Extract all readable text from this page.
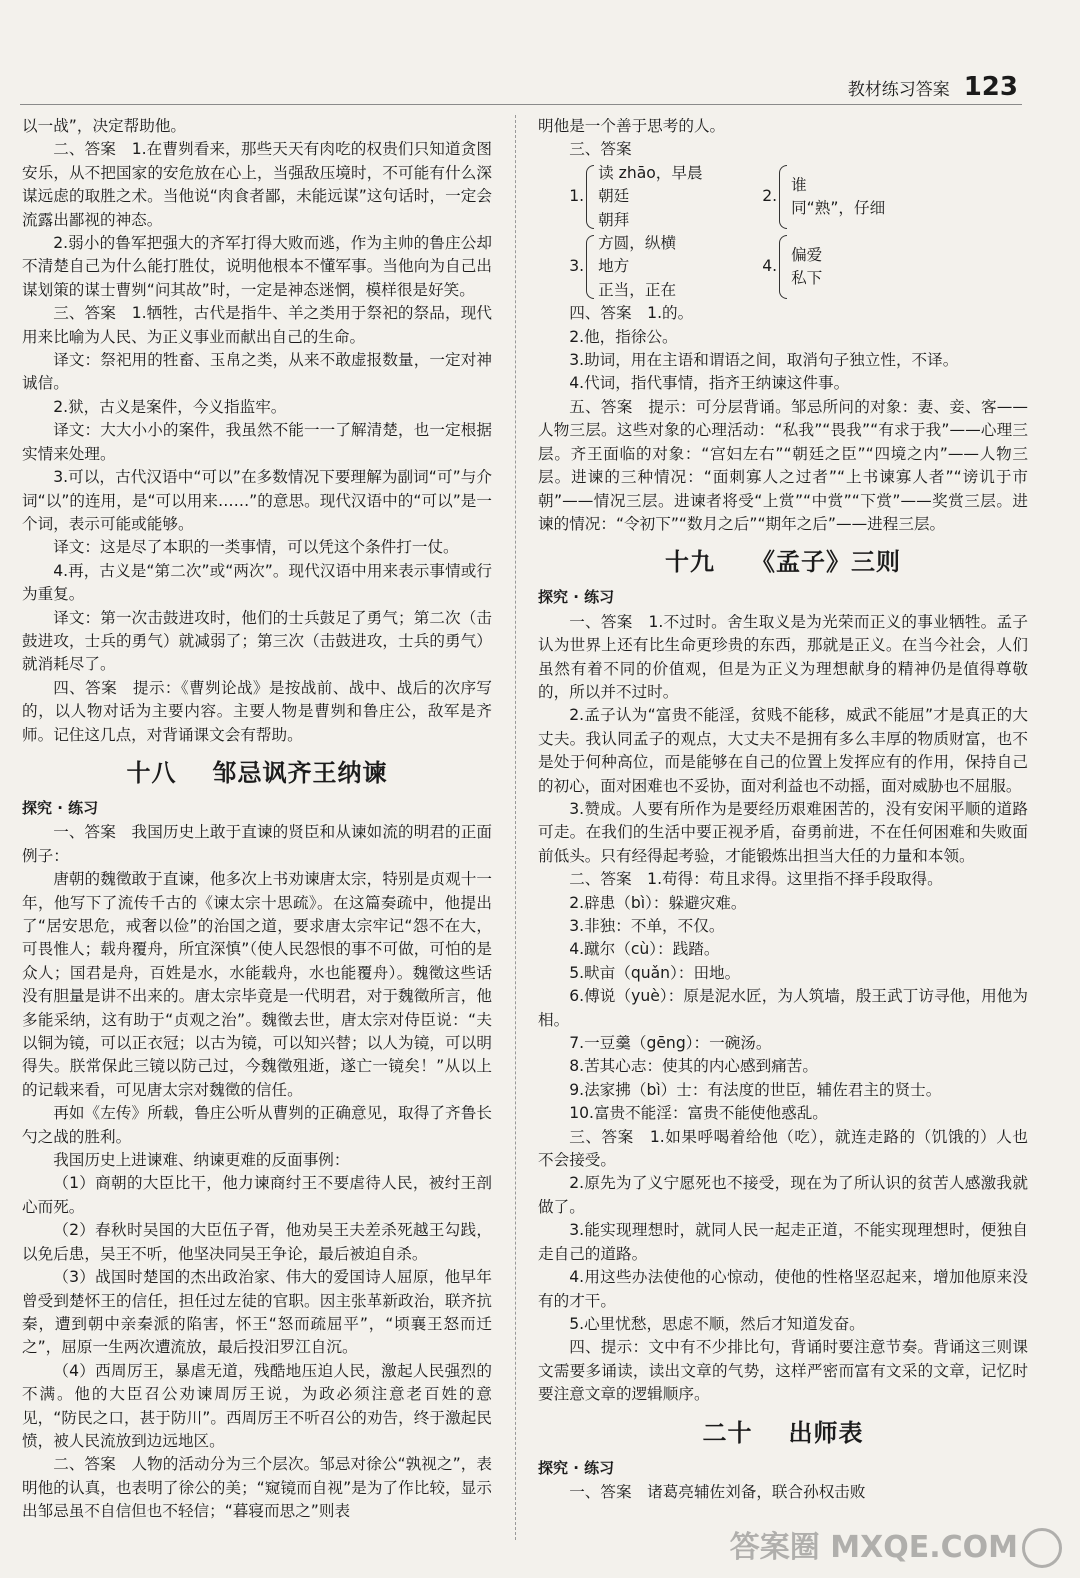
教材练习答案 123

以一战”，决定帮助他。

二、答案　1.在曹刿看来，那些天天有肉吃的权贵们只知道贪图安乐，从不把国家的安危放在心上，当强敌压境时，不可能有什么深谋远虑的取胜之术。当他说“肉食者鄙，未能远谋”这句话时，一定会流露出鄙视的神态。

2.弱小的鲁军把强大的齐军打得大败而逃，作为主帅的鲁庄公却不清楚自己为什么能打胜仗，说明他根本不懂军事。当他向为自己出谋划策的谋士曹刿“问其故”时，一定是神态迷惘，模样很是好笑。

三、答案　1.牺牲，古代是指牛、羊之类用于祭祀的祭品，现代用来比喻为人民、为正义事业而献出自己的生命。

译文：祭祀用的牲畜、玉帛之类，从来不敢虚报数量，一定对神诚信。

2.狱，古义是案件，今义指监牢。

译文：大大小小的案件，我虽然不能一一了解清楚，也一定根据实情来处理。

3.可以，古代汉语中“可以”在多数情况下要理解为副词“可”与介词“以”的连用，是“可以用来……”的意思。现代汉语中的“可以”是一个词，表示可能或能够。

译文：这是尽了本职的一类事情，可以凭这个条件打一仗。

4.再，古义是“第二次”或“两次”。现代汉语中用来表示事情或行为重复。

译文：第一次击鼓进攻时，他们的士兵鼓足了勇气；第二次（击鼓进攻，士兵的勇气）就减弱了；第三次（击鼓进攻，士兵的勇气）就消耗尽了。

四、答案　提示：《曹刿论战》是按战前、战中、战后的次序写的，以人物对话为主要内容。主要人物是曹刿和鲁庄公，敌军是齐师。记住这几点，对背诵课文会有帮助。

十八 邹忌讽齐王纳谏

探究 · 练习

一、答案　我国历史上敢于直谏的贤臣和从谏如流的明君的正面例子：

唐朝的魏徵敢于直谏，他多次上书劝谏唐太宗，特别是贞观十一年，他写下了流传千古的《谏太宗十思疏》。在这篇奏疏中，他提出了“居安思危，戒奢以俭”的治国之道，要求唐太宗牢记“怨不在大，可畏惟人；载舟覆舟，所宜深慎”（使人民怨恨的事不可做，可怕的是众人；国君是舟，百姓是水，水能载舟，水也能覆舟）。魏徵这些话没有胆量是讲不出来的。唐太宗毕竟是一代明君，对于魏徵所言，他多能采纳，这有助于“贞观之治”。魏徵去世，唐太宗对侍臣说：“夫以铜为镜，可以正衣冠；以古为镜，可以知兴替；以人为镜，可以明得失。朕常保此三镜以防己过，今魏徵殂逝，遂亡一镜矣！”从以上的记载来看，可见唐太宗对魏徵的信任。

再如《左传》所载，鲁庄公听从曹刿的正确意见，取得了齐鲁长勺之战的胜利。

我国历史上进谏难、纳谏更难的反面事例：

（1）商朝的大臣比干，他力谏商纣王不要虐待人民，被纣王剖心而死。

（2）春秋时吴国的大臣伍子胥，他劝吴王夫差杀死越王勾践，以免后患，吴王不听，他坚决同吴王争论，最后被迫自杀。

（3）战国时楚国的杰出政治家、伟大的爱国诗人屈原，他早年曾受到楚怀王的信任，担任过左徒的官职。因主张革新政治，联齐抗秦，遭到朝中亲秦派的陷害，怀王“怒而疏屈平”，“顷襄王怒而迁之”，屈原一生两次遭流放，最后投汨罗江自沉。

（4）西周厉王，暴虐无道，残酷地压迫人民，激起人民强烈的不满。他的大臣召公劝谏周厉王说，为政必须注意老百姓的意见，“防民之口，甚于防川”。西周厉王不听召公的劝告，终于激起民愤，被人民流放到边远地区。

二、答案　人物的活动分为三个层次。邹忌对徐公“孰视之”，表明他的认真，也表明了徐公的美；“窥镜而自视”是为了作比较，显示出邹忌虽不自信但也不轻信；“暮寝而思之”则表

明他是一个善于思考的人。

三、答案

1.
读 zhāo，早晨
朝廷
朝拜
2.
谁
同“熟”，仔细
3.
方圆，纵横
地方
正当，正在
4.
偏爱
私下

四、答案　1.的。

2.他，指徐公。

3.助词，用在主语和谓语之间，取消句子独立性，不译。

4.代词，指代事情，指齐王纳谏这件事。

五、答案　提示：可分层背诵。邹忌所问的对象：妻、妾、客——人物三层。这些对象的心理活动：“私我”“畏我”“有求于我”——心理三层。齐王面临的对象：“宫妇左右”“朝廷之臣”“四境之内”——人物三层。进谏的三种情况：“面刺寡人之过者”“上书谏寡人者”“谤讥于市朝”——情况三层。进谏者将受“上赏”“中赏”“下赏”——奖赏三层。进谏的情况：“令初下”“数月之后”“期年之后”——进程三层。

十九 《孟子》三则

探究 · 练习

一、答案　1.不过时。舍生取义是为光荣而正义的事业牺牲。孟子认为世界上还有比生命更珍贵的东西，那就是正义。在当今社会，人们虽然有着不同的价值观，但是为正义为理想献身的精神仍是值得尊敬的，所以并不过时。

2.孟子认为“富贵不能淫，贫贱不能移，威武不能屈”才是真正的大丈夫。我认同孟子的观点，大丈夫不是拥有多么丰厚的物质财富，也不是处于何种高位，而是能够在自己的位置上发挥应有的作用，保持自己的初心，面对困难也不妥协，面对利益也不动摇，面对威胁也不屈服。

3.赞成。人要有所作为是要经历艰难困苦的，没有安闲平顺的道路可走。在我们的生活中要正视矛盾，奋勇前进，不在任何困难和失败面前低头。只有经得起考验，才能锻炼出担当大任的力量和本领。

二、答案　1.苟得：苟且求得。这里指不择手段取得。

2.辟患（bì）：躲避灾难。

3.非独：不单，不仅。

4.蹴尔（cù）：践踏。

5.畎亩（quǎn）：田地。

6.傅说（yuè）：原是泥水匠，为人筑墙，殷王武丁访寻他，用他为相。

7.一豆羹（gēng）：一碗汤。

8.苦其心志：使其的内心感到痛苦。

9.法家拂（bì）士：有法度的世臣，辅佐君主的贤士。

10.富贵不能淫：富贵不能使他惑乱。

三、答案　1.如果呼喝着给他（吃），就连走路的（饥饿的）人也不会接受。

2.原先为了义宁愿死也不接受，现在为了所认识的贫苦人感激我就做了。

3.能实现理想时，就同人民一起走正道，不能实现理想时，便独自走自己的道路。

4.用这些办法使他的心惊动，使他的性格坚忍起来，增加他原来没有的才干。

5.心里忧愁，思虑不顺，然后才知道发奋。

四、提示：文中有不少排比句，背诵时要注意节奏。背诵这三则课文需要多诵读，读出文章的气势，这样严密而富有文采的文章，记忆时要注意文章的逻辑顺序。

二十 出师表

探究 · 练习

一、答案　诸葛亮辅佐刘备，联合孙权击败

答案圈 MXQE.COM
